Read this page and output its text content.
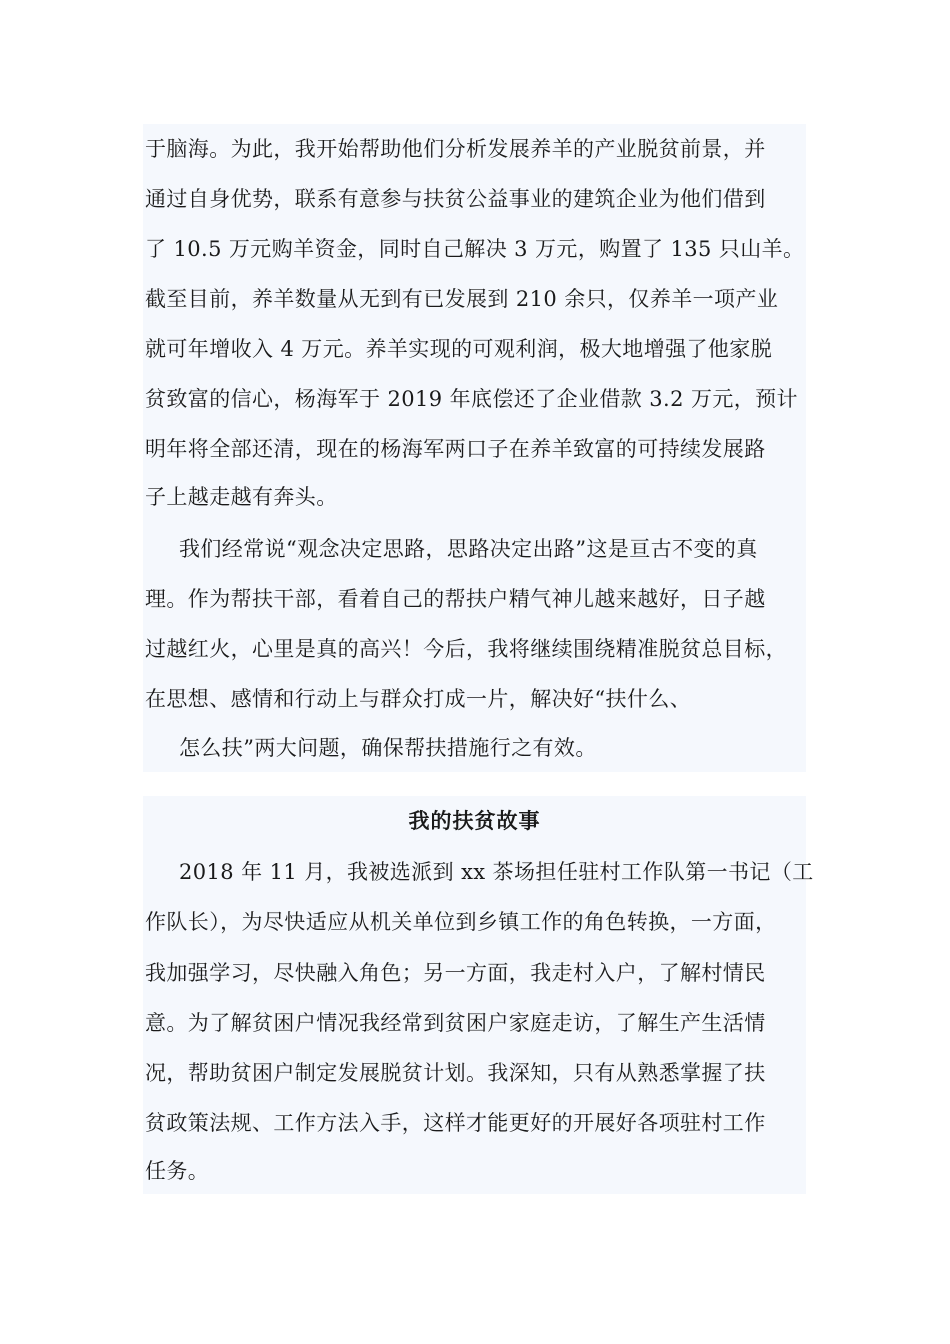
于脑海。为此，我开始帮助他们分析发展养羊的产业脱贫前景，并
通过自身优势，联系有意参与扶贫公益事业的建筑企业为他们借到
了 10.5 万元购羊资金，同时自己解决 3 万元，购置了 135 只山羊。
截至目前，养羊数量从无到有已发展到 210 余只，仅养羊一项产业
就可年增收入 4 万元。养羊实现的可观利润，极大地增强了他家脱
贫致富的信心，杨海军于 2019 年底偿还了企业借款 3.2 万元，预计
明年将全部还清，现在的杨海军两口子在养羊致富的可持续发展路
子上越走越有奔头。
我们经常说“观念决定思路，思路决定出路”这是亘古不变的真
理。作为帮扶干部，看着自己的帮扶户精气神儿越来越好，日子越
过越红火，心里是真的高兴！今后，我将继续围绕精准脱贫总目标，
在思想、感情和行动上与群众打成一片，解决好“扶什么、
怎么扶”两大问题，确保帮扶措施行之有效。
我的扶贫故事
2018 年 11 月，我被选派到 xx 茶场担任驻村工作队第一书记（工
作队长），为尽快适应从机关单位到乡镇工作的角色转换，一方面，
我加强学习，尽快融入角色；另一方面，我走村入户，了解村情民
意。为了解贫困户情况我经常到贫困户家庭走访，了解生产生活情
况，帮助贫困户制定发展脱贫计划。我深知，只有从熟悉掌握了扶
贫政策法规、工作方法入手，这样才能更好的开展好各项驻村工作
任务。
